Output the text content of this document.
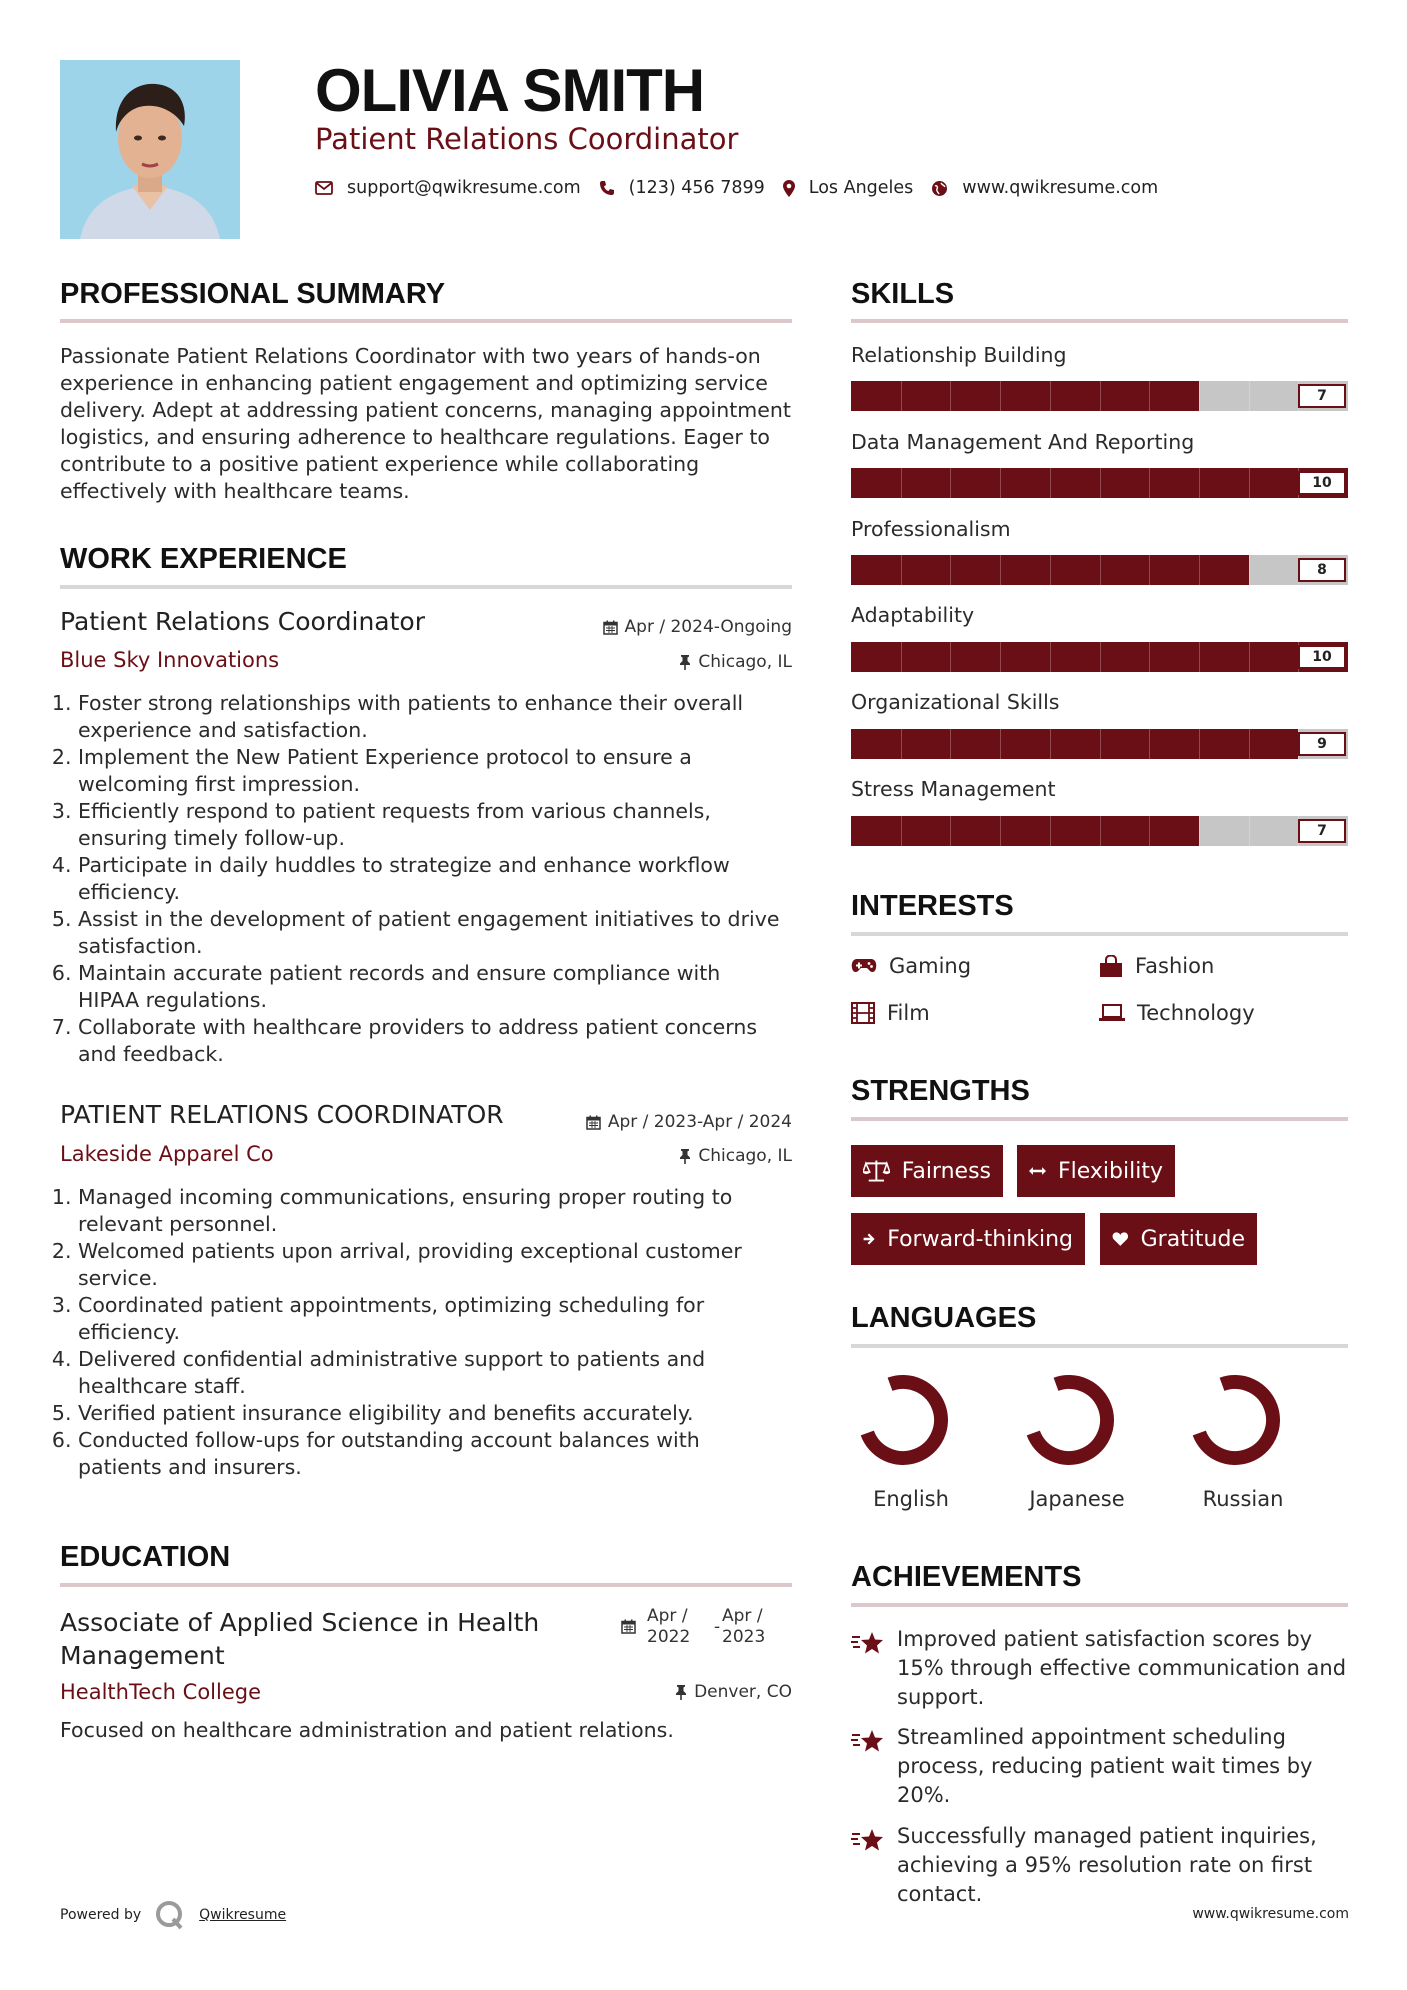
OLIVIA SMITH
Patient Relations Coordinator
support@qwikresume.com	(123) 456 7899	Los Angeles	www.qwikresume.com
PROFESSIONAL SUMMARY
Passionate Patient Relations Coordinator with two years of hands-on experience in enhancing patient engagement and optimizing service delivery. Adept at addressing patient concerns, managing appointment logistics, and ensuring adherence to healthcare regulations. Eager to contribute to a positive patient experience while collaborating effectively with healthcare teams.
WORK EXPERIENCE
Patient Relations Coordinator	Apr / 2024-Ongoing
Blue Sky Innovations	Chicago, IL
1. Foster strong relationships with patients to enhance their overall experience and satisfaction.
2. Implement the New Patient Experience protocol to ensure a welcoming first impression.
3. Efficiently respond to patient requests from various channels, ensuring timely follow-up.
4. Participate in daily huddles to strategize and enhance workflow efficiency.
5. Assist in the development of patient engagement initiatives to drive satisfaction.
6. Maintain accurate patient records and ensure compliance with HIPAA regulations.
7. Collaborate with healthcare providers to address patient concerns and feedback.
PATIENT RELATIONS COORDINATOR	Apr / 2023-Apr / 2024
Lakeside Apparel Co	Chicago, IL
1. Managed incoming communications, ensuring proper routing to relevant personnel.
2. Welcomed patients upon arrival, providing exceptional customer service.
3. Coordinated patient appointments, optimizing scheduling for efficiency.
4. Delivered confidential administrative support to patients and healthcare staff.
5. Verified patient insurance eligibility and benefits accurately.
6. Conducted follow-ups for outstanding account balances with patients and insurers.
EDUCATION
Associate of Applied Science in Health Management
Apr / 2022	-
Apr / 2023
HealthTech College	Denver, CO
Focused on healthcare administration and patient relations.
SKILLS
Relationship Building
7
Data Management And Reporting
10
Professionalism
8
Adaptability
10
Organizational Skills
9
Stress Management
7
INTERESTS
Gaming	Fashion
Film	Technology
STRENGTHS
Fairness	Flexibility
Forward-thinking	Gratitude
LANGUAGES
English	Japanese	Russian
ACHIEVEMENTS
Improved patient satisfaction scores by 15% through effective communication and support.
Streamlined appointment scheduling process, reducing patient wait times by 20%.
Successfully managed patient inquiries, achieving a 95% resolution rate on first contact.
Powered by	Qwikresume	www.qwikresume.com
